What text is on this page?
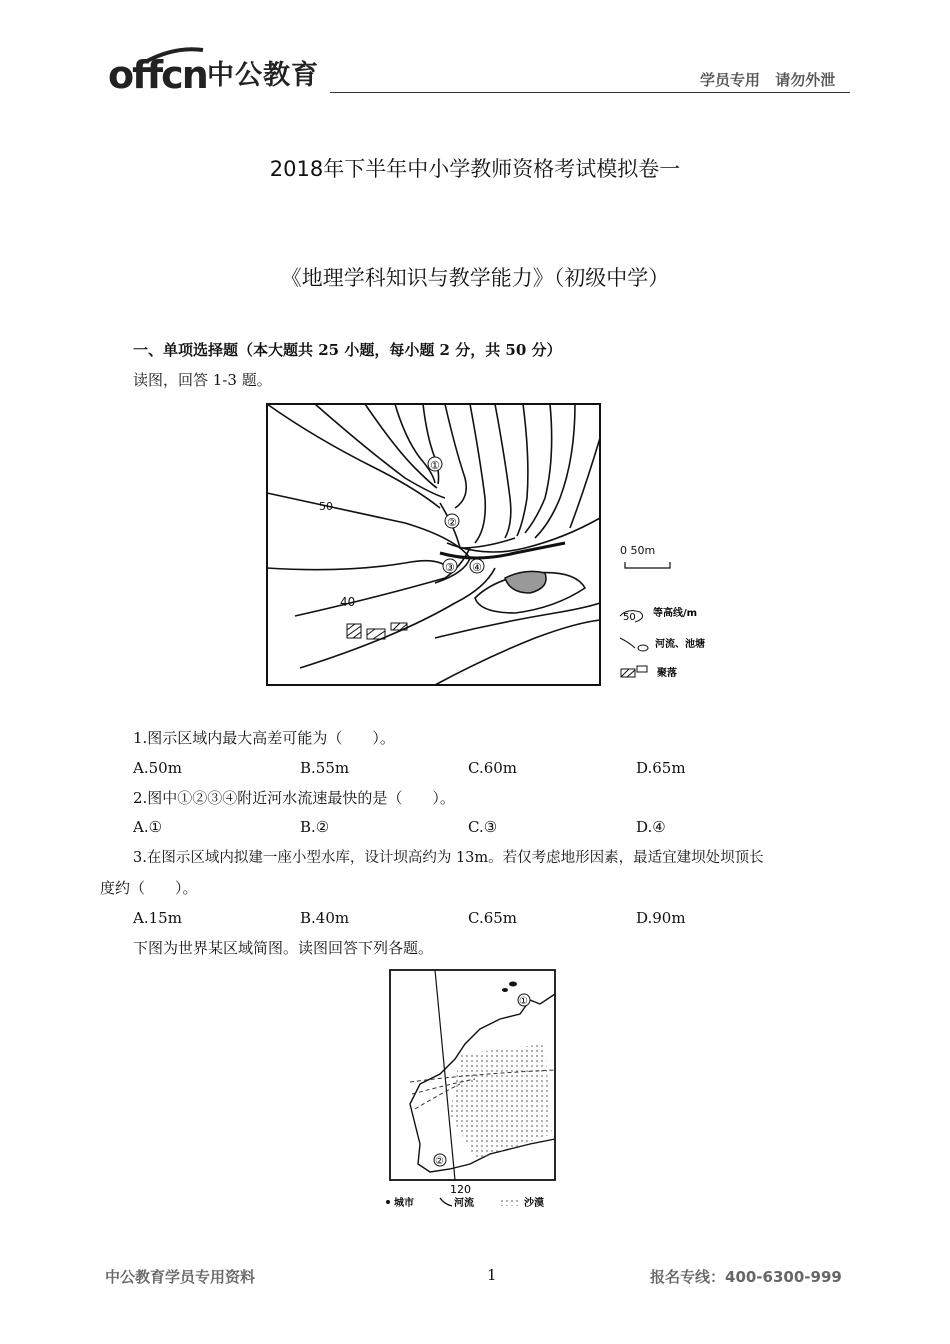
offcn 中公教育	学员专用 请勿外泄
2018年下半年中小学教师资格考试模拟卷一
《地理学科知识与教学能力》（初级中学）
一、单项选择题（本大题共 25 小题，每小题 2 分，共 50 分）
读图，回答 1-3 题。
50
40
①
②
③ ④
0 50m
50 等高线/m
河流、池塘
聚落
1.图示区域内最大高差可能为（　　）。
A.50m	B.55m	C.60m	D.65m
2.图中①②③④附近河水流速最快的是（　　）。
A.①	B.②	C.③	D.④
3.在图示区域内拟建一座小型水库，设计坝高约为 13m。若仅考虑地形因素，最适宜建坝处坝顶长
度约（　　）。
A.15m	B.40m	C.65m	D.90m
下图为世界某区域简图。读图回答下列各题。
①
②
120
城市	河流	沙漠
中公教育学员专用资料	1	报名专线：400-6300-999
